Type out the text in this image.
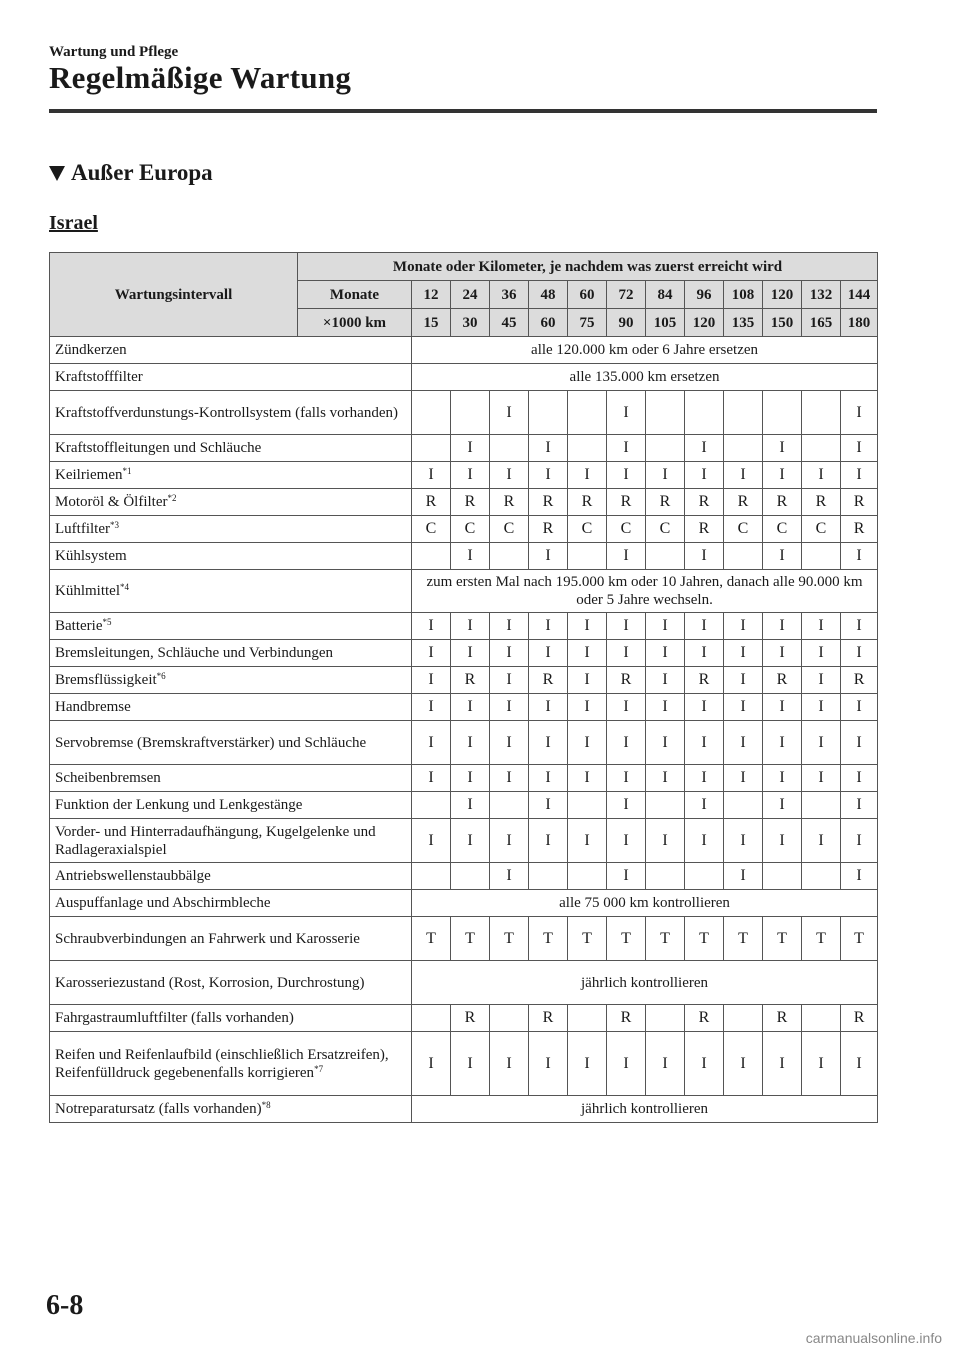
Wartung und Pflege
Regelmäßige Wartung
Außer Europa
Israel
Wartungsintervall	Monate oder Kilometer, je nachdem was zuerst erreicht wird												
	Monate	12	24	36	48	60	72	84	96	108	120	132	144
	×1000 km	15	30	45	60	75	90	105	120	135	150	165	180
Zündkerzen		alle 120.000 km oder 6 Jahre ersetzen											
Kraftstofffilter		alle 135.000 km ersetzen											
Kraftstoffverdunstungs-Kontrollsystem (falls vorhanden)				I			I						I
Kraftstoffleitungen und Schläuche			I		I		I		I		I		I
Keilriemen$^{*1}$		I	I	I	I	I	I	I	I	I	I	I	I
Motoröl & Ölfilter$^{*2}$		R	R	R	R	R	R	R	R	R	R	R	R
Luftfilter$^{*3}$		C	C	C	R	C	C	C	R	C	C	C	R
Kühlsystem			I		I		I		I		I		I
Kühlmittel$^{*4}$		zum ersten Mal nach 195.000 km oder 10 Jahren, danach alle 90.000 km oder 5 Jahre wechseln.											
Batterie$^{*5}$		I	I	I	I	I	I	I	I	I	I	I	I
Bremsleitungen, Schläuche und Verbindungen		I	I	I	I	I	I	I	I	I	I	I	I
Bremsflüssigkeit$^{*6}$		I	R	I	R	I	R	I	R	I	R	I	R
Handbremse		I	I	I	I	I	I	I	I	I	I	I	I
Servobremse (Bremskraftverstärker) und Schläuche		I	I	I	I	I	I	I	I	I	I	I	I
Scheibenbremsen		I	I	I	I	I	I	I	I	I	I	I	I
Funktion der Lenkung und Lenkgestänge			I		I		I		I		I		I
Vorder- und Hinterradaufhängung, Kugelgelenke und Radlageraxialspiel		I	I	I	I	I	I	I	I	I	I	I	I
Antriebswellenstaubbälge				I			I			I			I
Auspuffanlage und Abschirmbleche		alle 75 000 km kontrollieren											
Schraubverbindungen an Fahrwerk und Karosserie		T	T	T	T	T	T	T	T	T	T	T	T
Karosseriezustand (Rost, Korrosion, Durchrostung)		jährlich kontrollieren											
Fahrgastraumluftfilter (falls vorhanden)			R		R		R		R		R		R
Reifen und Reifenlaufbild (einschließlich Ersatzreifen), Reifenfülldruck gegebenenfalls korrigieren$^{*7}$		I	I	I	I	I	I	I	I	I	I	I	I
Notreparatursatz (falls vorhanden)$^{*8}$		jährlich kontrollieren											
6-8
carmanualsonline.info
